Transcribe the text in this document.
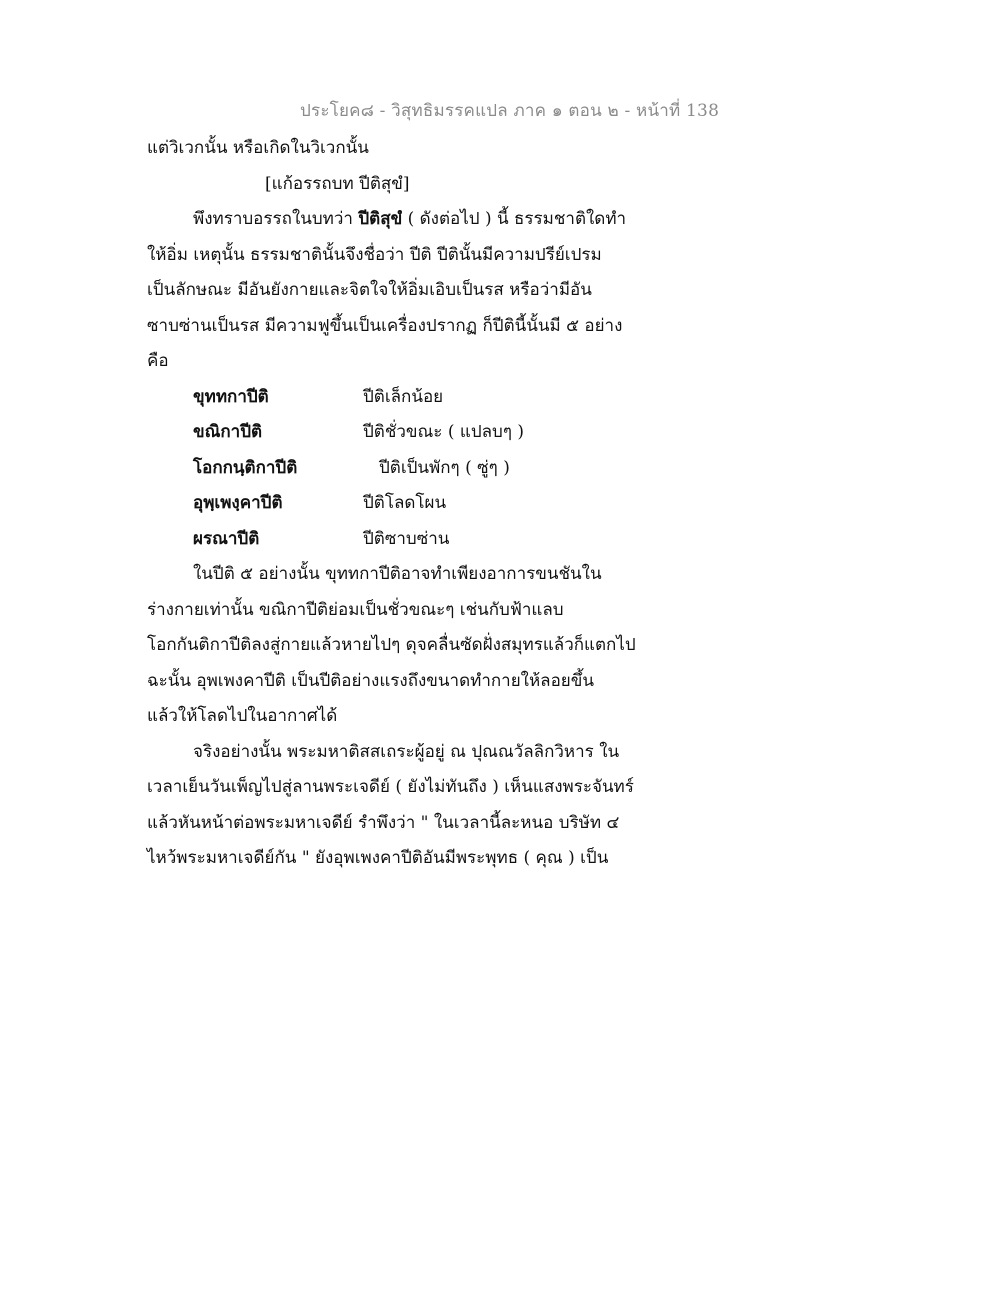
ประโยค๘ - วิสุทธิมรรคแปล ภาค ๑ ตอน ๒ - หน้าที่ 138
แต่วิเวกนั้น หรือเกิดในวิเวกนั้น
[แก้อรรถบท ปีติสุขํ]
พึงทราบอรรถในบทว่า ปีติสุขํ ( ดังต่อไป ) นี้ ธรรมชาติใดทำ
ให้อิ่ม เหตุนั้น ธรรมชาตินั้นจึงชื่อว่า ปีติ ปีตินั้นมีความปรีย์เปรม
เป็นลักษณะ มีอันยังกายและจิตใจให้อิ่มเอิบเป็นรส หรือว่ามีอัน
ซาบซ่านเป็นรส มีความฟูขึ้นเป็นเครื่องปรากฏ ก็ปีตินี้นั้นมี ๕ อย่าง
คือ
ขุททกาปีติ	ปีติเล็กน้อย
ขณิกาปีติ	ปีติชั่วขณะ ( แปลบๆ )
โอกกนฺติกาปีติ	ปีติเป็นพักๆ ( ซู่ๆ )
อุพฺเพงฺคาปีติ	ปีติโลดโผน
ผรณาปีติ	ปีติซาบซ่าน
ในปีติ ๕ อย่างนั้น ขุททกาปีติอาจทำเพียงอาการขนชันใน
ร่างกายเท่านั้น ขณิกาปีติย่อมเป็นชั่วขณะๆ เช่นกับฟ้าแลบ
โอกกันติกาปีติลงสู่กายแล้วหายไปๆ ดุจคลื่นซัดฝั่งสมุทรแล้วก็แตกไป
ฉะนั้น อุพเพงคาปีติ เป็นปีติอย่างแรงถึงขนาดทำกายให้ลอยขึ้น
แล้วให้โลดไปในอากาศได้
จริงอย่างนั้น พระมหาติสสเถระผู้อยู่ ณ ปุณณวัลลิกวิหาร ใน
เวลาเย็นวันเพ็ญไปสู่ลานพระเจดีย์ ( ยังไม่ทันถึง ) เห็นแสงพระจันทร์
แล้วหันหน้าต่อพระมหาเจดีย์ รำพึงว่า " ในเวลานี้ละหนอ บริษัท ๔
ไหว้พระมหาเจดีย์กัน " ยังอุพเพงคาปีติอันมีพระพุทธ ( คุณ ) เป็น
